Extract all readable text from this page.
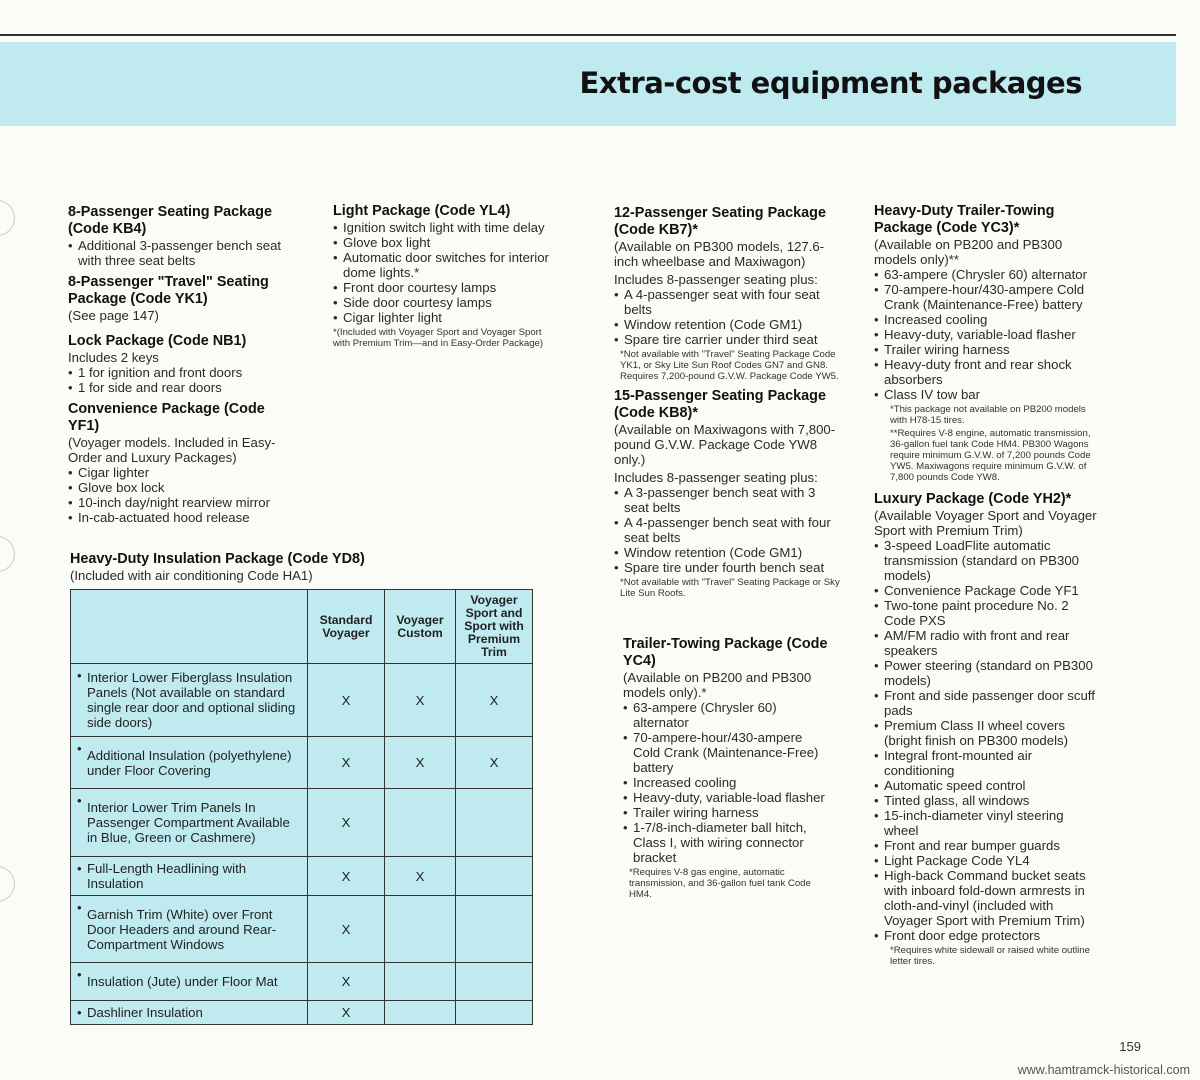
Extra-cost equipment packages

8-Passenger Seating Package (Code KB4)

• Additional 3-passenger bench seat with three seat belts

8-Passenger "Travel" Seating Package (Code YK1)

(See page 147)

Lock Package (Code NB1)

Includes 2 keys

• 1 for ignition and front doors
• 1 for side and rear doors

Convenience Package (Code YF1)

(Voyager models. Included in Easy-Order and Luxury Packages)

• Cigar lighter
• Glove box lock
• 10-inch day/night rearview mirror
• In-cab-actuated hood release

Heavy-Duty Insulation Package (Code YD8)

(Included with air conditioning Code HA1)

	Standard Voyager	Voyager Custom	Voyager Sport and Sport with Premium Trim
• Interior Lower Fiberglass Insulation Panels (Not available on standard single rear door and optional sliding side doors)	X	X	X
• Additional Insulation (polyethylene) under Floor Covering	X	X	X
• Interior Lower Trim Panels In Passenger Compartment Available in Blue, Green or Cashmere)	X		
• Full-Length Headlining with Insulation	X	X	
• Garnish Trim (White) over Front Door Headers and around Rear-Compartment Windows	X		
• Insulation (Jute) under Floor Mat	X		
• Dashliner Insulation	X		

Light Package (Code YL4)

• Ignition switch light with time delay
• Glove box light
• Automatic door switches for interior dome lights.*
• Front door courtesy lamps
• Side door courtesy lamps
• Cigar lighter light

*(Included with Voyager Sport and Voyager Sport with Premium Trim—and in Easy-Order Package)

12-Passenger Seating Package (Code KB7)*

(Available on PB300 models, 127.6-inch wheelbase and Maxiwagon)

Includes 8-passenger seating plus:

• A 4-passenger seat with four seat belts
• Window retention (Code GM1)
• Spare tire carrier under third seat

*Not available with "Travel" Seating Package Code YK1, or Sky Lite Sun Roof Codes GN7 and GN8. Requires 7,200-pound G.V.W. Package Code YW5.

15-Passenger Seating Package (Code KB8)*

(Available on Maxiwagons with 7,800-pound G.V.W. Package Code YW8 only.)

Includes 8-passenger seating plus:

• A 3-passenger bench seat with 3 seat belts
• A 4-passenger bench seat with four seat belts
• Window retention (Code GM1)
• Spare tire under fourth bench seat

*Not available with "Travel" Seating Package or Sky Lite Sun Roofs.

Trailer-Towing Package (Code YC4)

(Available on PB200 and PB300 models only).*

• 63-ampere (Chrysler 60) alternator
• 70-ampere-hour/430-ampere Cold Crank (Maintenance-Free) battery
• Increased cooling
• Heavy-duty, variable-load flasher
• Trailer wiring harness
• 1-7/8-inch-diameter ball hitch, Class I, with wiring connector bracket

*Requires V-8 gas engine, automatic transmission, and 36-gallon fuel tank Code HM4.

Heavy-Duty Trailer-Towing Package (Code YC3)*

(Available on PB200 and PB300 models only)**

• 63-ampere (Chrysler 60) alternator
• 70-ampere-hour/430-ampere Cold Crank (Maintenance-Free) battery
• Increased cooling
• Heavy-duty, variable-load flasher
• Trailer wiring harness
• Heavy-duty front and rear shock absorbers
• Class IV tow bar

*This package not available on PB200 models with H78-15 tires.

**Requires V-8 engine, automatic transmission, 36-gallon fuel tank Code HM4. PB300 Wagons require minimum G.V.W. of 7,200 pounds Code YW5. Maxiwagons require minimum G.V.W. of 7,800 pounds Code YW8.

Luxury Package (Code YH2)*

(Available Voyager Sport and Voyager Sport with Premium Trim)

• 3-speed LoadFlite automatic transmission (standard on PB300 models)
• Convenience Package Code YF1
• Two-tone paint procedure No. 2 Code PXS
• AM/FM radio with front and rear speakers
• Power steering (standard on PB300 models)
• Front and side passenger door scuff pads
• Premium Class II wheel covers (bright finish on PB300 models)
• Integral front-mounted air conditioning
• Automatic speed control
• Tinted glass, all windows
• 15-inch-diameter vinyl steering wheel
• Front and rear bumper guards
• Light Package Code YL4
• High-back Command bucket seats with inboard fold-down armrests in cloth-and-vinyl (included with Voyager Sport with Premium Trim)
• Front door edge protectors

*Requires white sidewall or raised white outline letter tires.

159
www.hamtramck-historical.com
